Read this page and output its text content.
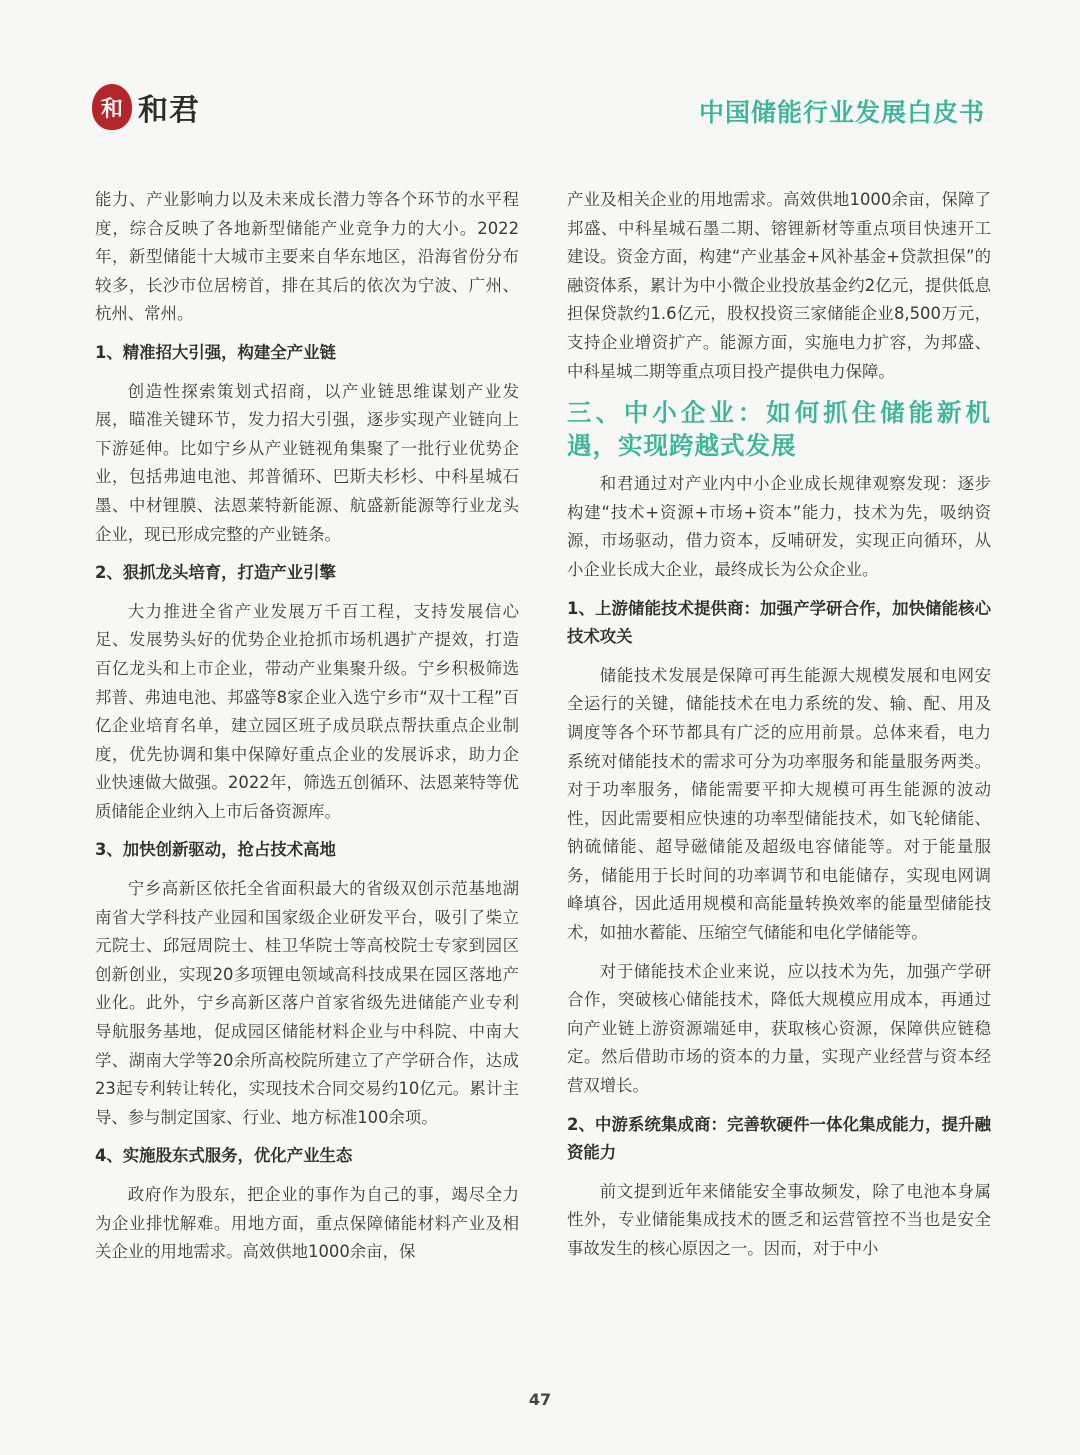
和 和君	中国储能行业发展白皮书

能力、产业影响力以及未来成长潜力等各个环节的水平程度，综合反映了各地新型储能产业竞争力的大小。2022年，新型储能十大城市主要来自华东地区，沿海省份分布较多，长沙市位居榜首，排在其后的依次为宁波、广州、杭州、常州。

1、精准招大引强，构建全产业链

创造性探索策划式招商，以产业链思维谋划产业发展，瞄准关键环节，发力招大引强，逐步实现产业链向上下游延伸。比如宁乡从产业链视角集聚了一批行业优势企业，包括弗迪电池、邦普循环、巴斯夫杉杉、中科星城石墨、中材锂膜、法恩莱特新能源、航盛新能源等行业龙头企业，现已形成完整的产业链条。

2、狠抓龙头培育，打造产业引擎

大力推进全省产业发展万千百工程，支持发展信心足、发展势头好的优势企业抢抓市场机遇扩产提效，打造百亿龙头和上市企业，带动产业集聚升级。宁乡积极筛选邦普、弗迪电池、邦盛等8家企业入选宁乡市“双十工程”百亿企业培育名单，建立园区班子成员联点帮扶重点企业制度，优先协调和集中保障好重点企业的发展诉求，助力企业快速做大做强。2022年，筛选五创循环、法恩莱特等优质储能企业纳入上市后备资源库。

3、加快创新驱动，抢占技术高地

宁乡高新区依托全省面积最大的省级双创示范基地湖南省大学科技产业园和国家级企业研发平台，吸引了柴立元院士、邱冠周院士、桂卫华院士等高校院士专家到园区创新创业，实现20多项锂电领域高科技成果在园区落地产业化。此外，宁乡高新区落户首家省级先进储能产业专利导航服务基地，促成园区储能材料企业与中科院、中南大学、湖南大学等20余所高校院所建立了产学研合作，达成23起专利转让转化，实现技术合同交易约10亿元。累计主导、参与制定国家、行业、地方标准100余项。

4、实施股东式服务，优化产业生态

政府作为股东，把企业的事作为自己的事，竭尽全力为企业排忧解难。用地方面，重点保障储能材料产业及相关企业的用地需求。高效供地1000余亩，保

产业及相关企业的用地需求。高效供地1000余亩，保障了邦盛、中科星城石墨二期、镕锂新材等重点项目快速开工建设。资金方面，构建“产业基金+风补基金+贷款担保”的融资体系，累计为中小微企业投放基金约2亿元，提供低息担保贷款约1.6亿元，股权投资三家储能企业8,500万元，支持企业增资扩产。能源方面，实施电力扩容，为邦盛、中科星城二期等重点项目投产提供电力保障。

三、中小企业：如何抓住储能新机遇，实现跨越式发展

和君通过对产业内中小企业成长规律观察发现：逐步构建“技术+资源+市场+资本”能力，技术为先，吸纳资源，市场驱动，借力资本，反哺研发，实现正向循环，从小企业长成大企业，最终成长为公众企业。

1、上游储能技术提供商：加强产学研合作，加快储能核心技术攻关

储能技术发展是保障可再生能源大规模发展和电网安全运行的关键，储能技术在电力系统的发、输、配、用及调度等各个环节都具有广泛的应用前景。总体来看，电力系统对储能技术的需求可分为功率服务和能量服务两类。对于功率服务，储能需要平抑大规模可再生能源的波动性，因此需要相应快速的功率型储能技术，如飞轮储能、钠硫储能、超导磁储能及超级电容储能等。对于能量服务，储能用于长时间的功率调节和电能储存，实现电网调峰填谷，因此适用规模和高能量转换效率的能量型储能技术，如抽水蓄能、压缩空气储能和电化学储能等。

对于储能技术企业来说，应以技术为先，加强产学研合作，突破核心储能技术，降低大规模应用成本，再通过向产业链上游资源端延申，获取核心资源，保障供应链稳定。然后借助市场的资本的力量，实现产业经营与资本经营双增长。

2、中游系统集成商：完善软硬件一体化集成能力，提升融资能力

前文提到近年来储能安全事故频发，除了电池本身属性外，专业储能集成技术的匮乏和运营管控不当也是安全事故发生的核心原因之一。因而，对于中小

47
